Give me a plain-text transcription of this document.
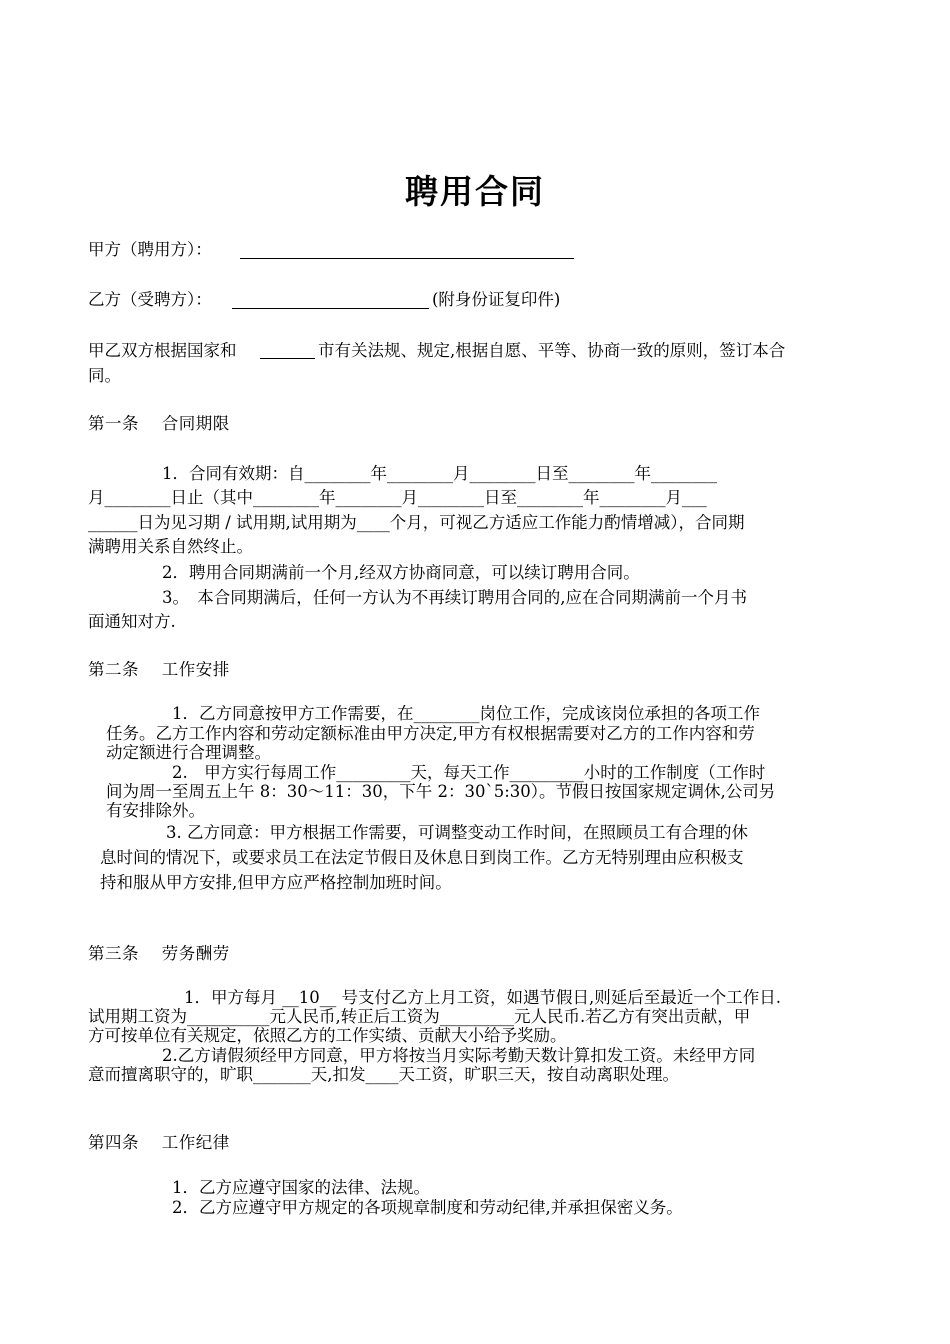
聘用合同
甲方（聘用方）：
乙方（受聘方）：	(附身份证复印件)
甲乙双方根据国家和	市有关法规、规定,根据自愿、平等、协商一致的原则，签订本合
同。
第一条　 合同期限
1．合同有效期：自________年________月________日至________年________
月________日止（其中________年________月________日至________年________月___
______日为见习期 / 试用期,试用期为____个月，可视乙方适应工作能力酌情增减），合同期
满聘用关系自然终止。
2．聘用合同期满前一个月,经双方协商同意，可以续订聘用合同。
3。　本合同期满后，任何一方认为不再续订聘用合同的,应在合同期满前一个月书
面通知对方.
第二条　 工作安排
1．乙方同意按甲方工作需要，在________岗位工作，完成该岗位承担的各项工作
任务。乙方工作内容和劳动定额标准由甲方决定,甲方有权根据需要对乙方的工作内容和劳
动定额进行合理调整。
2.　甲方实行每周工作_________天，每天工作_________小时的工作制度（工作时
间为周一至周五上午 8：30～11：30，下午 2：30`5:30）。节假日按国家规定调休,公司另
有安排除外。
3. 乙方同意：甲方根据工作需要，可调整变动工作时间，在照顾员工有合理的休
息时间的情况下，或要求员工在法定节假日及休息日到岗工作。乙方无特别理由应积极支
持和服从甲方安排,但甲方应严格控制加班时间。
第三条　 劳务酬劳
1．甲方每月 __10__ 号支付乙方上月工资，如遇节假日,则延后至最近一个工作日.
试用期工资为__________元人民币,转正后工资为_________元人民币.若乙方有突出贡献，甲
方可按单位有关规定，依照乙方的工作实绩、贡献大小给予奖励。
2.乙方请假须经甲方同意，甲方将按当月实际考勤天数计算扣发工资。未经甲方同
意而擅离职守的，旷职_______天,扣发____天工资，旷职三天，按自动离职处理。
第四条　 工作纪律
1．乙方应遵守国家的法律、法规。
2．乙方应遵守甲方规定的各项规章制度和劳动纪律,并承担保密义务。
